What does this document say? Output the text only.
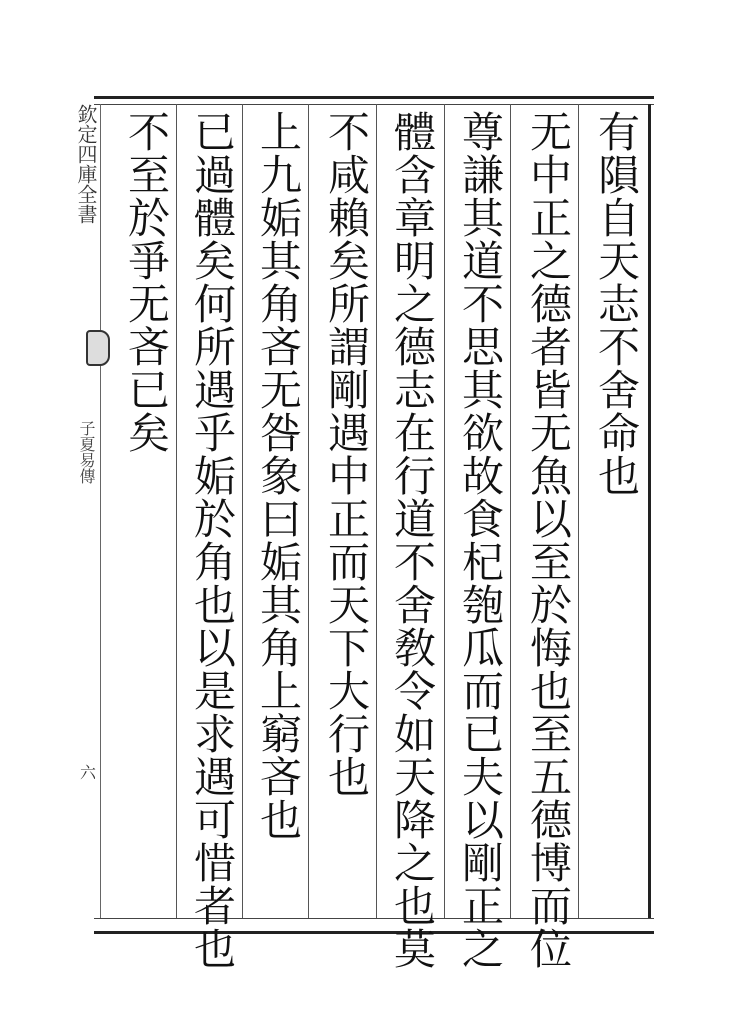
欽定四庫全書
子夏易傳
六
有隕自天志不舍命也
无中正之德者皆无魚以至於悔也至五德博而位
尊謙其道不思其欲故食杞匏瓜而已夫以剛正之
體含章明之德志在行道不舍敎令如天降之也莫
不咸賴矣所謂剛遇中正而天下大行也
上九姤其角吝无咎象曰姤其角上窮吝也
已過體矣何所遇乎姤於角也以是求遇可惜者也
不至於爭无吝已矣
